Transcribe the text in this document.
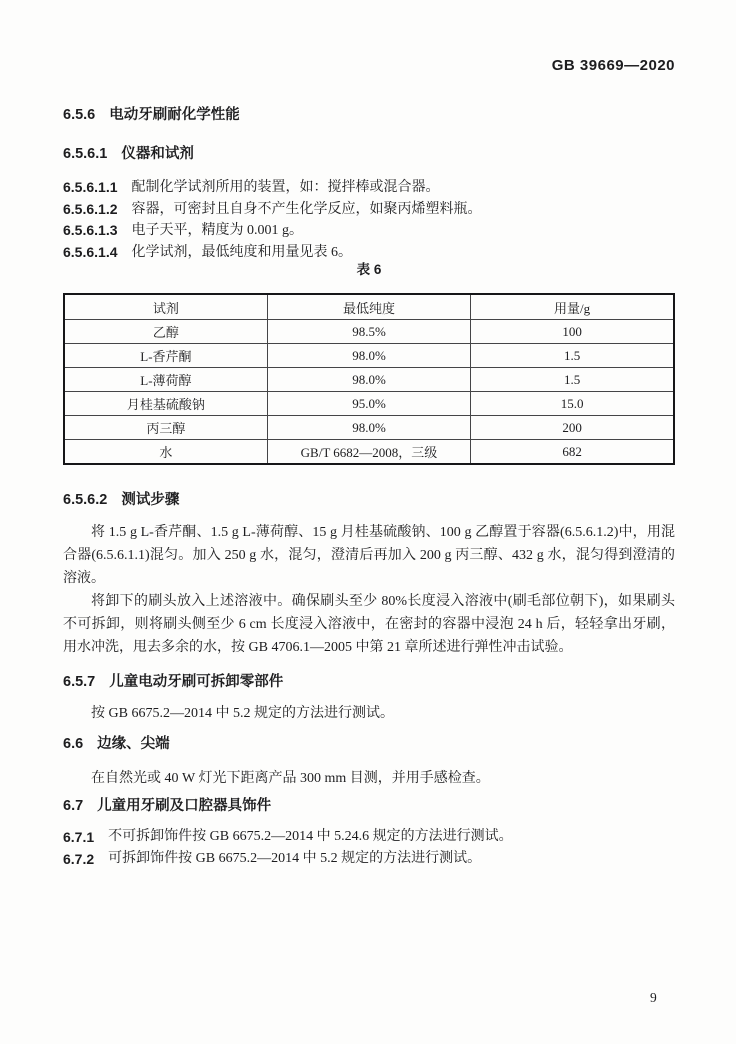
GB 39669—2020
6.5.6 电动牙刷耐化学性能
6.5.6.1 仪器和试剂
6.5.6.1.1 配制化学试剂所用的装置，如：搅拌棒或混合器。
6.5.6.1.2 容器，可密封且自身不产生化学反应，如聚丙烯塑料瓶。
6.5.6.1.3 电子天平，精度为 0.001 g。
6.5.6.1.4 化学试剂，最低纯度和用量见表 6。
表 6
试剂	最低纯度	用量/g
乙醇	98.5%	100
L-香芹酮	98.0%	1.5
L-薄荷醇	98.0%	1.5
月桂基硫酸钠	95.0%	15.0
丙三醇	98.0%	200
水	GB/T 6682—2008，三级	682
6.5.6.2 测试步骤
将 1.5 g L-香芹酮、1.5 g L-薄荷醇、15 g 月桂基硫酸钠、100 g 乙醇置于容器(6.5.6.1.2)中，用混合器(6.5.6.1.1)混匀。加入 250 g 水，混匀，澄清后再加入 200 g 丙三醇、432 g 水，混匀得到澄清的溶液。
将卸下的刷头放入上述溶液中。确保刷头至少 80%长度浸入溶液中(刷毛部位朝下)，如果刷头不可拆卸，则将刷头侧至少 6 cm 长度浸入溶液中，在密封的容器中浸泡 24 h 后，轻轻拿出牙刷，用水冲洗，甩去多余的水，按 GB 4706.1—2005 中第 21 章所述进行弹性冲击试验。
6.5.7 儿童电动牙刷可拆卸零部件
按 GB 6675.2—2014 中 5.2 规定的方法进行测试。
6.6 边缘、尖端
在自然光或 40 W 灯光下距离产品 300 mm 目测，并用手感检查。
6.7 儿童用牙刷及口腔器具饰件
6.7.1 不可拆卸饰件按 GB 6675.2—2014 中 5.24.6 规定的方法进行测试。
6.7.2 可拆卸饰件按 GB 6675.2—2014 中 5.2 规定的方法进行测试。
9
